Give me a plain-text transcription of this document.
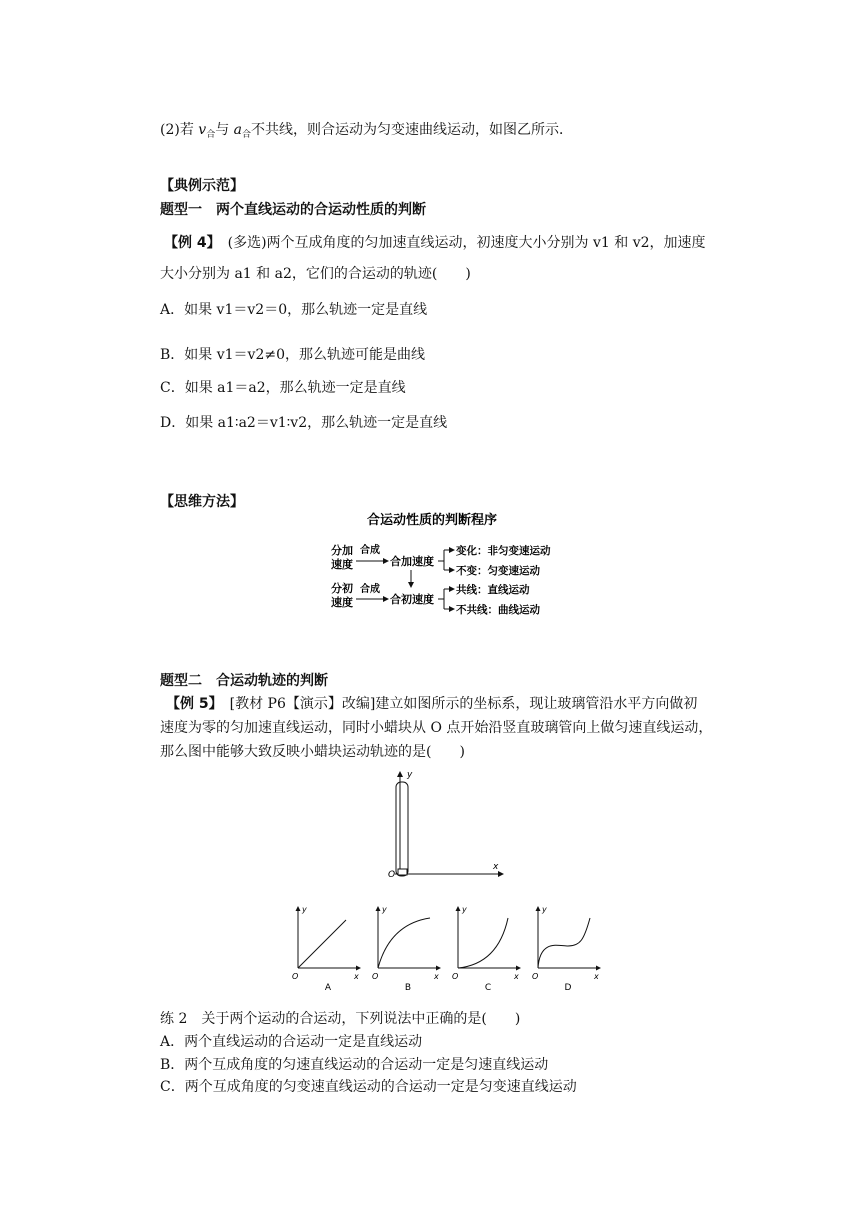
(2)若 $v_合$与 $a_合$不共线，则合运动为匀变速曲线运动，如图乙所示．
【典例示范】
题型一　两个直线运动的合运动性质的判断
【例 4】　(多选)两个互成角度的匀加速直线运动，初速度大小分别为 v1 和 v2，加速度
大小分别为 a1 和 a2，它们的合运动的轨迹(　　)
A．如果 v1＝v2＝0，那么轨迹一定是直线
B．如果 v1＝v2≠0，那么轨迹可能是曲线
C．如果 a1＝a2，那么轨迹一定是直线
D．如果 a1∶a2＝v1∶v2，那么轨迹一定是直线
【思维方法】
合运动性质的判断程序
分加
速度
合成
合加速度
变化：非匀变速运动
不变：匀变速运动
分初
速度
合成
合初速度
共线：直线运动
不共线：曲线运动
题型二　合运动轨迹的判断
【例 5】　[教材 P6【演示】改编]建立如图所示的坐标系，现让玻璃管沿水平方向做初
速度为零的匀加速直线运动，同时小蜡块从 O 点开始沿竖直玻璃管向上做匀速直线运动，
那么图中能够大致反映小蜡块运动轨迹的是(　　)
y
x
O
y
x
O
A
y
x
O
B
y
x
O
C
y
x
O
D
练 2　关于两个运动的合运动，下列说法中正确的是(　　)
A．两个直线运动的合运动一定是直线运动
B．两个互成角度的匀速直线运动的合运动一定是匀速直线运动
C．两个互成角度的匀变速直线运动的合运动一定是匀变速直线运动
